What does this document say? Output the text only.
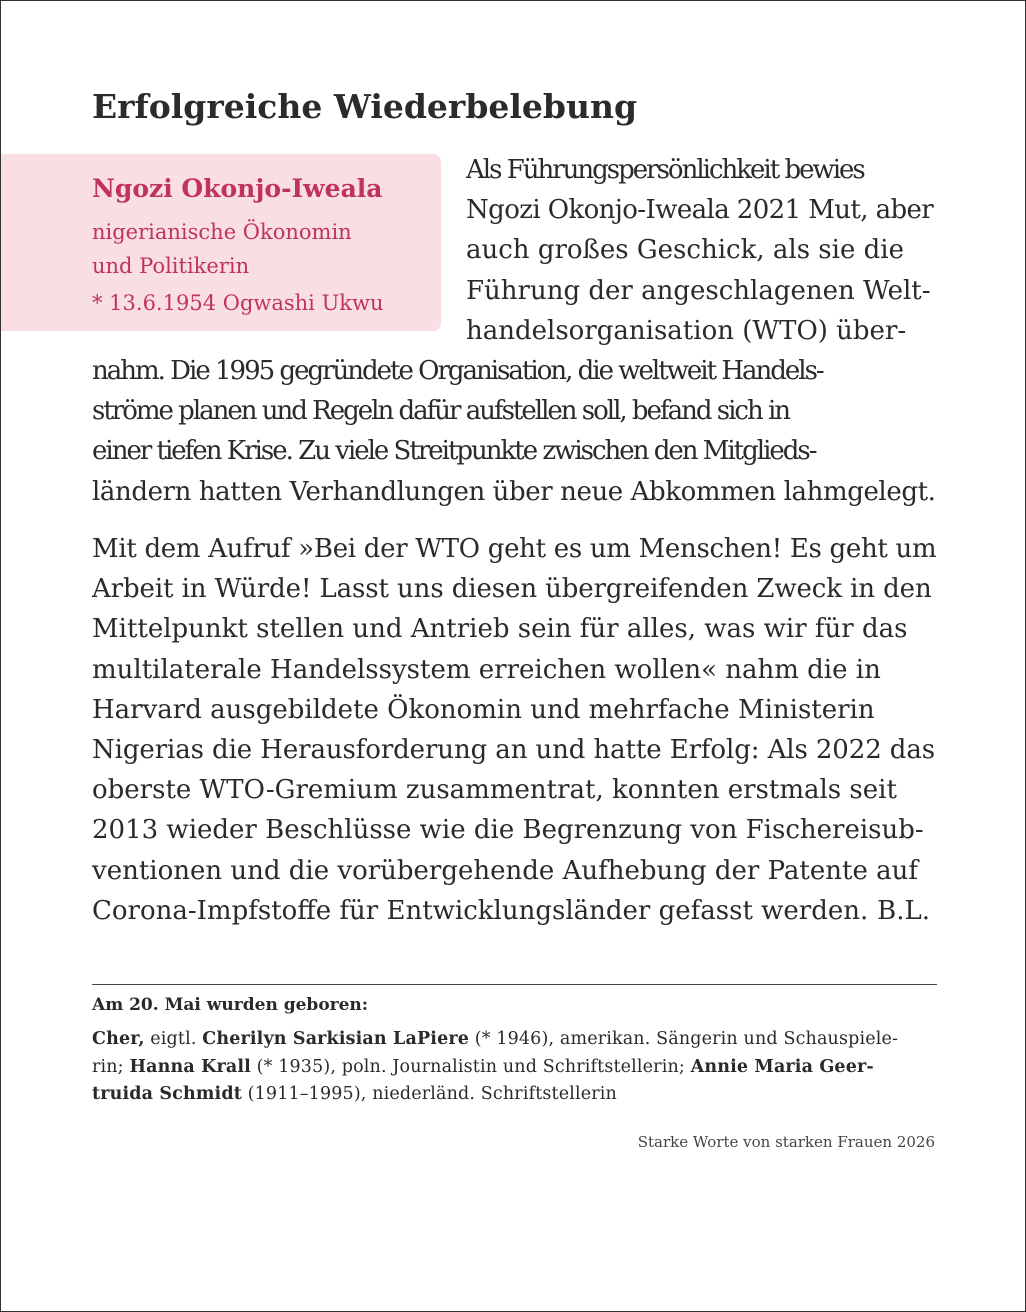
Erfolgreiche Wiederbelebung

Ngozi Okonjo-Iweala

nigerianische Ökonomin
und Politikerin

* 13.6.1954 Ogwashi Ukwu

Als Führungspersönlichkeit bewies
Ngozi Okonjo-Iweala 2021 Mut, aber
auch großes Geschick, als sie die
Führung der angeschlagenen Welt-
handelsorganisation (WTO) über-
nahm. Die 1995 gegründete Organisation, die weltweit Handels-
ströme planen und Regeln dafür aufstellen soll, befand sich in
einer tiefen Krise. Zu viele Streitpunkte zwischen den Mitglieds-
ländern hatten Verhandlungen über neue Abkommen lahmgelegt.
Mit dem Aufruf »Bei der WTO geht es um Menschen! Es geht um
Arbeit in Würde! Lasst uns diesen übergreifenden Zweck in den
Mittelpunkt stellen und Antrieb sein für alles, was wir für das
multilaterale Handelssystem erreichen wollen« nahm die in
Harvard ausgebildete Ökonomin und mehrfache Ministerin
Nigerias die Herausforderung an und hatte Erfolg: Als 2022 das
oberste WTO-Gremium zusammentrat, konnten erstmals seit
2013 wieder Beschlüsse wie die Begrenzung von Fischereisub-
ventionen und die vorübergehende Aufhebung der Patente auf
Corona-Impfstoffe für Entwicklungsländer gefasst werden. B.L.

Am 20. Mai wurden geboren:

Cher, eigtl. Cherilyn Sarkisian LaPiere (* 1946), amerikan. Sängerin und Schauspiele-
rin; Hanna Krall (* 1935), poln. Journalistin und Schriftstellerin; Annie Maria Geer-
truida Schmidt (1911–1995), niederländ. Schriftstellerin

Starke Worte von starken Frauen 2026
